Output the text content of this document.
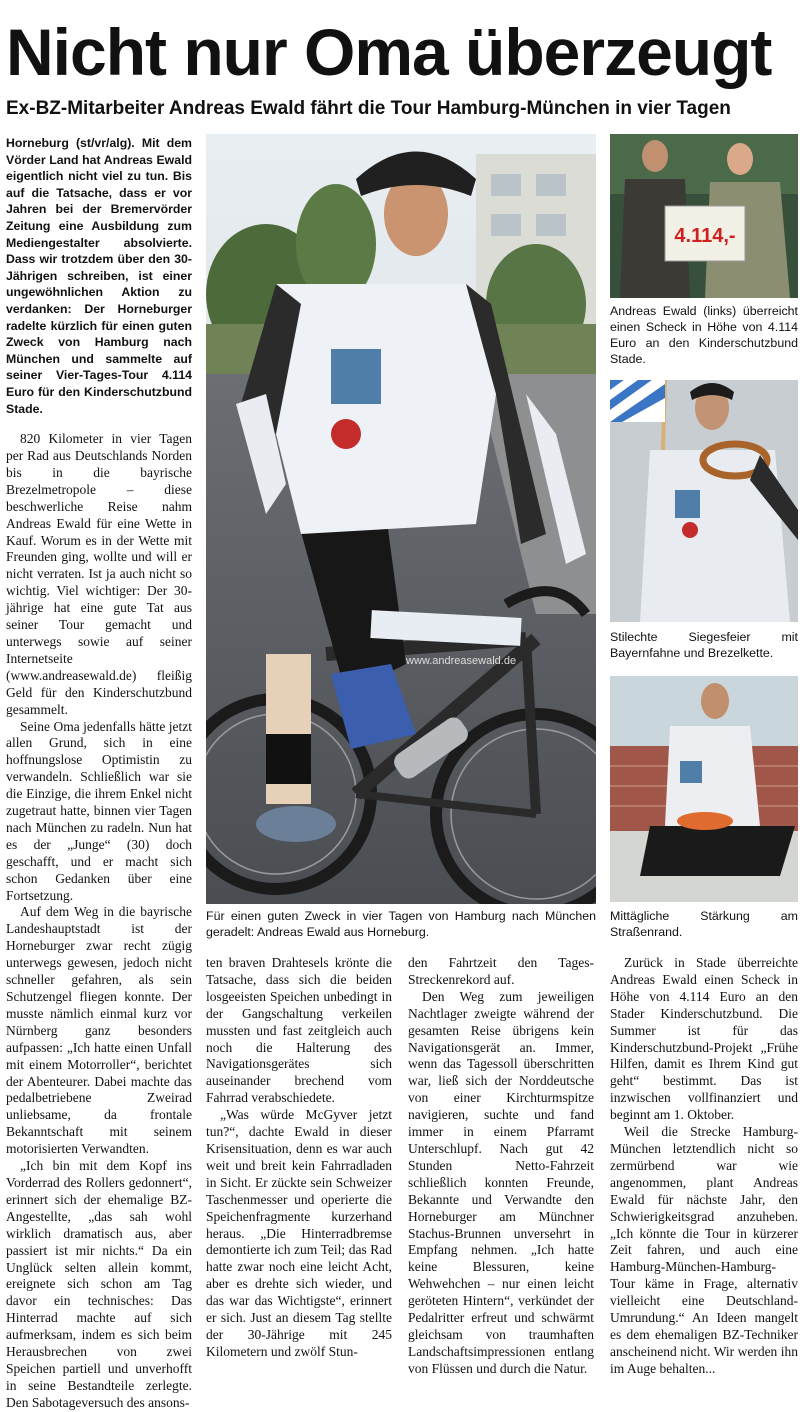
Nicht nur Oma überzeugt
Ex-BZ-Mitarbeiter Andreas Ewald fährt die Tour Hamburg-München in vier Tagen

Horneburg (st/vr/alg). Mit dem Vörder Land hat Andreas Ewald eigentlich nicht viel zu tun. Bis auf die Tatsache, dass er vor Jahren bei der Bremervörder Zeitung eine Ausbildung zum Mediengestalter absolvierte. Dass wir trotzdem über den 30-Jährigen schreiben, ist einer ungewöhnlichen Aktion zu verdanken: Der Horneburger radelte kürzlich für einen guten Zweck von Hamburg nach München und sammelte auf seiner Vier-Tages-Tour 4.114 Euro für den Kinderschutzbund Stade.

820 Kilometer in vier Tagen per Rad aus Deutschlands Norden bis in die bayrische Brezelmetropole – diese beschwerliche Reise nahm Andreas Ewald für eine Wette in Kauf. Worum es in der Wette mit Freunden ging, wollte und will er nicht verraten. Ist ja auch nicht so wichtig. Viel wichtiger: Der 30-jährige hat eine gute Tat aus seiner Tour gemacht und unterwegs sowie auf seiner Internetseite (www.andreasewald.de) fleißig Geld für den Kinderschutzbund gesammelt.

Seine Oma jedenfalls hätte jetzt allen Grund, sich in eine hoffnungslose Optimistin zu verwandeln. Schließlich war sie die Einzige, die ihrem Enkel nicht zugetraut hatte, binnen vier Tagen nach München zu radeln. Nun hat es der „Junge“ (30) doch geschafft, und er macht sich schon Gedanken über eine Fortsetzung.

Auf dem Weg in die bayrische Landeshauptstadt ist der Horneburger zwar recht zügig unterwegs gewesen, jedoch nicht schneller gefahren, als sein Schutzengel fliegen konnte. Der musste nämlich einmal kurz vor Nürnberg ganz besonders aufpassen: „Ich hatte einen Unfall mit einem Motorroller“, berichtet der Abenteurer. Dabei machte das pedalbetriebene Zweirad unliebsame, da frontale Bekanntschaft mit seinem motorisierten Verwandten.

„Ich bin mit dem Kopf ins Vorderrad des Rollers gedonnert“, erinnert sich der ehemalige BZ-Angestellte, „das sah wohl wirklich dramatisch aus, aber passiert ist mir nichts.“ Da ein Unglück selten allein kommt, ereignete sich schon am Tag davor ein technisches: Das Hinterrad machte auf sich aufmerksam, indem es sich beim Herausbrechen von zwei Speichen partiell und unverhofft in seine Bestandteile zerlegte. Den Sabotageversuch des ansons-

www.andreasewald.de
Für einen guten Zweck in vier Tagen von Hamburg nach München geradelt: Andreas Ewald aus Horneburg.
4.114,-
Andreas Ewald (links) überreicht einen Scheck in Höhe von 4.114 Euro an den Kinderschutzbund Stade.
Stilechte Siegesfeier mit Bayernfahne und Brezelkette.
Mittägliche Stärkung am Straßenrand.

ten braven Drahtesels krönte die Tatsache, dass sich die beiden losgeeisten Speichen unbedingt in der Gangschaltung verkeilen mussten und fast zeitgleich auch noch die Halterung des Navigationsgerätes sich auseinander brechend vom Fahrrad verabschiedete.

„Was würde McGyver jetzt tun?“, dachte Ewald in dieser Krisensituation, denn es war auch weit und breit kein Fahrradladen in Sicht. Er zückte sein Schweizer Taschenmesser und operierte die Speichenfragmente kurzerhand heraus. „Die Hinterradbremse demontierte ich zum Teil; das Rad hatte zwar noch eine leicht Acht, aber es drehte sich wieder, und das war das Wichtigste“, erinnert er sich. Just an diesem Tag stellte der 30-Jährige mit 245 Kilometern und zwölf Stun-

den Fahrtzeit den Tages-Streckenrekord auf.

Den Weg zum jeweiligen Nachtlager zweigte während der gesamten Reise übrigens kein Navigationsgerät an. Immer, wenn das Tagessoll überschritten war, ließ sich der Norddeutsche von einer Kirchturmspitze navigieren, suchte und fand immer in einem Pfarramt Unterschlupf. Nach gut 42 Stunden Netto-Fahrzeit schließlich konnten Freunde, Bekannte und Verwandte den Horneburger am Münchner Stachus-Brunnen unversehrt in Empfang nehmen. „Ich hatte keine Blessuren, keine Wehwehchen – nur einen leicht geröteten Hintern“, verkündet der Pedalritter erfreut und schwärmt gleichsam von traumhaften Landschaftsimpressionen entlang von Flüssen und durch die Natur.

Zurück in Stade überreichte Andreas Ewald einen Scheck in Höhe von 4.114 Euro an den Stader Kinderschutzbund. Die Summer ist für das Kinderschutzbund-Projekt „Frühe Hilfen, damit es Ihrem Kind gut geht“ bestimmt. Das ist inzwischen vollfinanziert und beginnt am 1. Oktober.

Weil die Strecke Hamburg-München letztendlich nicht so zermürbend war wie angenommen, plant Andreas Ewald für nächste Jahr, den Schwierigkeitsgrad anzuheben. „Ich könnte die Tour in kürzerer Zeit fahren, und auch eine Hamburg-München-Hamburg-Tour käme in Frage, alternativ vielleicht eine Deutschland-Umrundung.“ An Ideen mangelt es dem ehemaligen BZ-Techniker anscheinend nicht. Wir werden ihn im Auge behalten...
